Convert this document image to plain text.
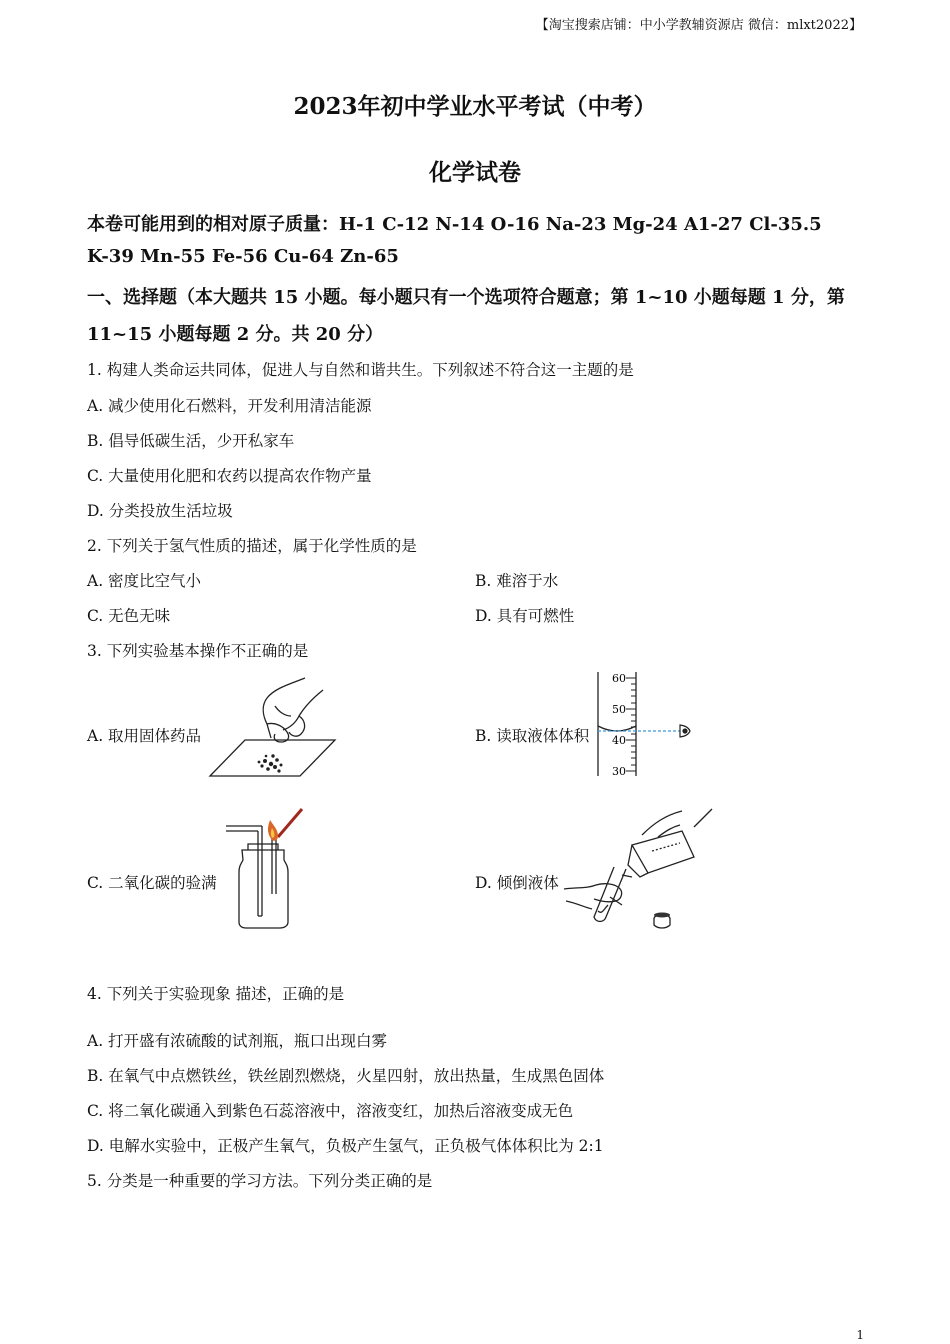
【淘宝搜索店铺：中小学教辅资源店 微信：mlxt2022】
2023年初中学业水平考试（中考）
化学试卷
本卷可能用到的相对原子质量：H-1 C-12 N-14 O-16 Na-23 Mg-24 A1-27 Cl-35.5
K-39 Mn-55 Fe-56 Cu-64 Zn-65
一、选择题（本大题共 15 小题。每小题只有一个选项符合题意；第 1~10 小题每题 1 分，第
11~15 小题每题 2 分。共 20 分）
1. 构建人类命运共同体，促进人与自然和谐共生。下列叙述不符合这一主题的是
A. 减少使用化石燃料，开发利用清洁能源
B. 倡导低碳生活，少开私家车
C. 大量使用化肥和农药以提高农作物产量
D. 分类投放生活垃圾
2. 下列关于氢气性质的描述，属于化学性质的是
A. 密度比空气小	B. 难溶于水
C. 无色无味	D. 具有可燃性
3. 下列实验基本操作不正确的是
A. 取用固体药品	B. 读取液体体积
C. 二氧化碳的验满	D. 倾倒液体
60
50
40
30
4. 下列关于实验现象 描述，正确的是
A. 打开盛有浓硫酸的试剂瓶，瓶口出现白雾
B. 在氧气中点燃铁丝，铁丝剧烈燃烧，火星四射，放出热量，生成黑色固体
C. 将二氧化碳通入到紫色石蕊溶液中，溶液变红，加热后溶液变成无色
D. 电解水实验中，正极产生氧气，负极产生氢气，正负极气体体积比为 2:1
5. 分类是一种重要的学习方法。下列分类正确的是
1
